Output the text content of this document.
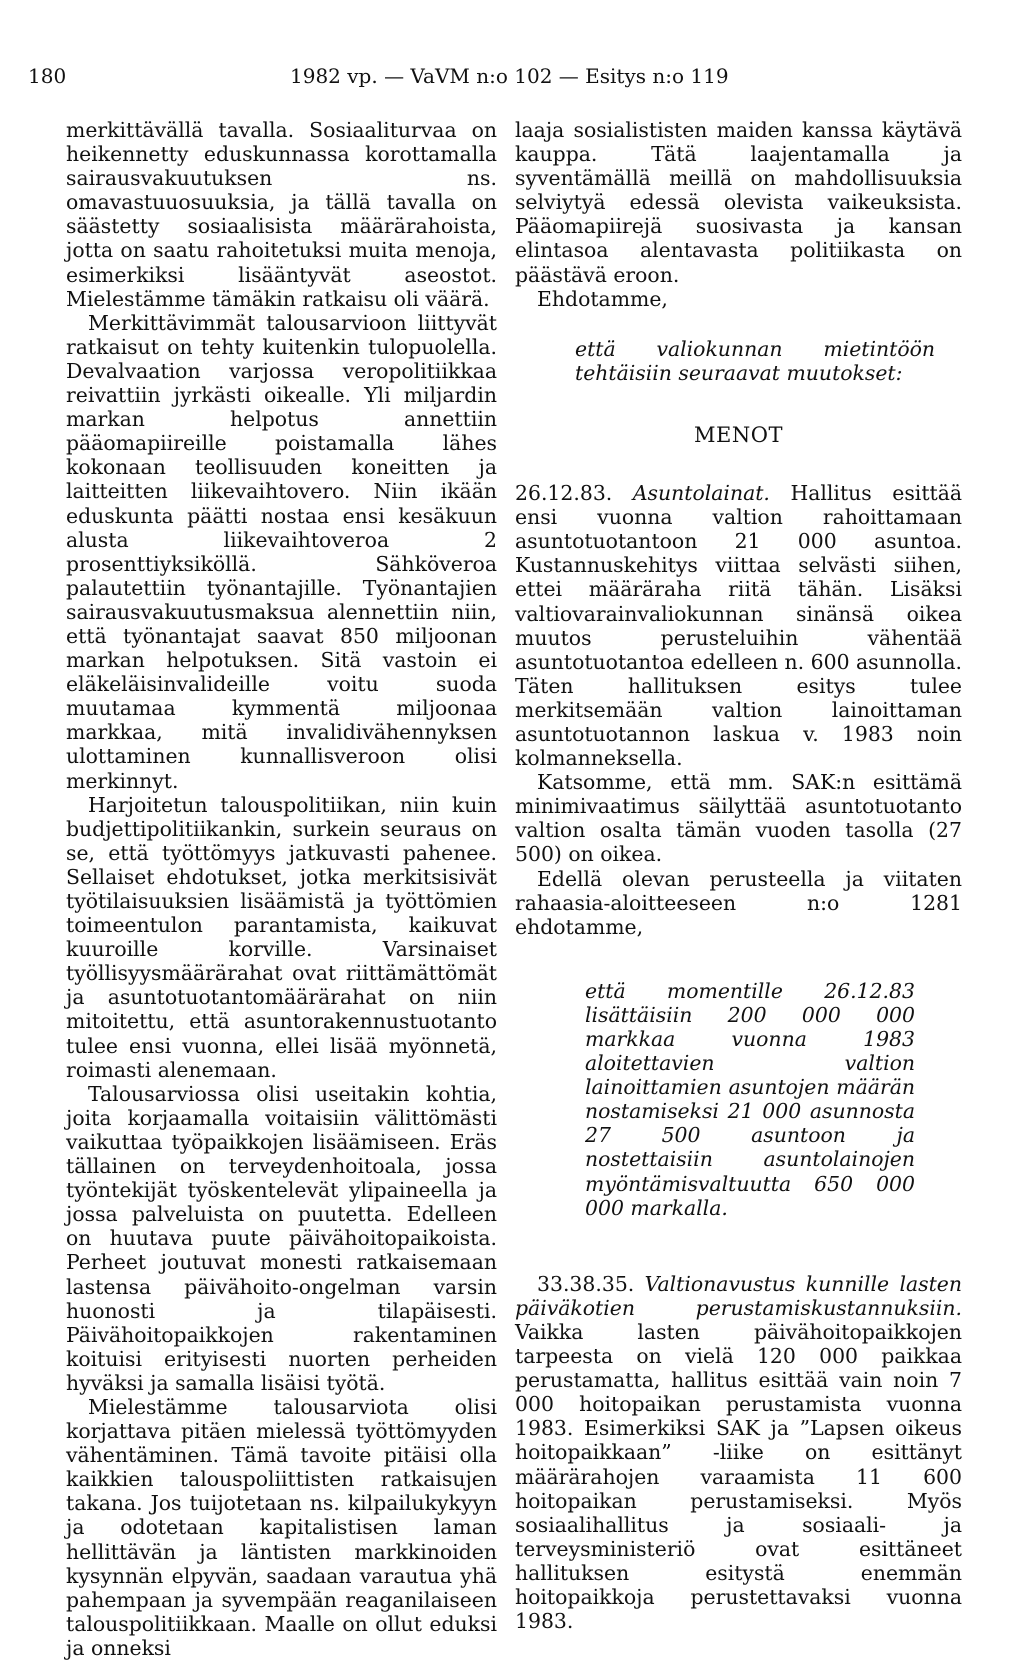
180	1982 vp. — VaVM n:o 102 — Esitys n:o 119

merkittävällä tavalla. Sosiaaliturvaa on heikennetty eduskunnassa korottamalla sairausvakuutuksen ns. omavastuuosuuksia, ja tällä tavalla on säästetty sosiaalisista määrärahoista, jotta on saatu rahoitetuksi muita menoja, esimerkiksi lisääntyvät aseostot. Mielestämme tämäkin ratkaisu oli väärä.

Merkittävimmät talousarvioon liittyvät ratkaisut on tehty kuitenkin tulopuolella. Devalvaation varjossa veropolitiikkaa reivattiin jyrkästi oikealle. Yli miljardin markan helpotus annettiin pääomapiireille poistamalla lähes kokonaan teollisuuden koneitten ja laitteitten liikevaihtovero. Niin ikään eduskunta päätti nostaa ensi kesäkuun alusta liikevaihtoveroa 2 prosenttiyksiköllä. Sähköveroa palautettiin työnantajille. Työnantajien sairausvakuutusmaksua alennettiin niin, että työnantajat saavat 850 miljoonan markan helpotuksen. Sitä vastoin ei eläkeläisinvalideille voitu suoda muutamaa kymmentä miljoonaa markkaa, mitä invalidivähennyksen ulottaminen kunnallisveroon olisi merkinnyt.

Harjoitetun talouspolitiikan, niin kuin budjettipolitiikankin, surkein seuraus on se, että työttömyys jatkuvasti pahenee. Sellaiset ehdotukset, jotka merkitsisivät työtilaisuuksien lisäämistä ja työttömien toimeentulon parantamista, kaikuvat kuuroille korville. Varsinaiset työllisyysmäärärahat ovat riittämättömät ja asuntotuotantomäärärahat on niin mitoitettu, että asuntorakennustuotanto tulee ensi vuonna, ellei lisää myönnetä, roimasti alenemaan.

Talousarviossa olisi useitakin kohtia, joita korjaamalla voitaisiin välittömästi vaikuttaa työpaikkojen lisäämiseen. Eräs tällainen on terveydenhoitoala, jossa työntekijät työskentelevät ylipaineella ja jossa palveluista on puutetta. Edelleen on huutava puute päivähoitopaikoista. Perheet joutuvat monesti ratkaisemaan lastensa päivähoito-ongelman varsin huonosti ja tilapäisesti. Päivähoitopaikkojen rakentaminen koituisi erityisesti nuorten perheiden hyväksi ja samalla lisäisi työtä.

Mielestämme talousarviota olisi korjattava pitäen mielessä työttömyyden vähentäminen. Tämä tavoite pitäisi olla kaikkien talouspoliittisten ratkaisujen takana. Jos tuijotetaan ns. kilpailukykyyn ja odotetaan kapitalistisen laman hellittävän ja läntisten markkinoiden kysynnän elpyvän, saadaan varautua yhä pahempaan ja syvempään reaganilaiseen talouspolitiikkaan. Maalle on ollut eduksi ja onneksi

laaja sosialististen maiden kanssa käytävä kauppa. Tätä laajentamalla ja syventämällä meillä on mahdollisuuksia selviytyä edessä olevista vaikeuksista. Pääomapiirejä suosivasta ja kansan elintasoa alentavasta politiikasta on päästävä eroon.

Ehdotamme,

että valiokunnan mietintöön tehtäisiin seuraavat muutokset:

MENOT

26.12.83. Asuntolainat. Hallitus esittää ensi vuonna valtion rahoittamaan asuntotuotantoon 21 000 asuntoa. Kustannuskehitys viittaa selvästi siihen, ettei määräraha riitä tähän. Lisäksi valtiovarainvaliokunnan sinänsä oikea muutos perusteluihin vähentää asuntotuotantoa edelleen n. 600 asunnolla. Täten hallituksen esitys tulee merkitsemään valtion lainoittaman asuntotuotannon laskua v. 1983 noin kolmanneksella.

Katsomme, että mm. SAK:n esittämä minimivaatimus säilyttää asuntotuotanto valtion osalta tämän vuoden tasolla (27 500) on oikea.

Edellä olevan perusteella ja viitaten rahaasia-aloitteeseen n:o 1281 ehdotamme,

että momentille 26.12.83 lisättäisiin 200 000 000 markkaa vuonna 1983 aloitettavien valtion lainoittamien asuntojen määrän nostamiseksi 21 000 asunnosta 27 500 asuntoon ja nostettaisiin asuntolainojen myöntämisvaltuutta 650 000 000 markalla.

33.38.35. Valtionavustus kunnille lasten päiväkotien perustamiskustannuksiin. Vaikka lasten päivähoitopaikkojen tarpeesta on vielä 120 000 paikkaa perustamatta, hallitus esittää vain noin 7 000 hoitopaikan perustamista vuonna 1983. Esimerkiksi SAK ja ”Lapsen oikeus hoitopaikkaan” -liike on esittänyt määrärahojen varaamista 11 600 hoitopaikan perustamiseksi. Myös sosiaalihallitus ja sosiaali- ja terveysministeriö ovat esittäneet hallituksen esitystä enemmän hoitopaikkoja perustettavaksi vuonna 1983.
